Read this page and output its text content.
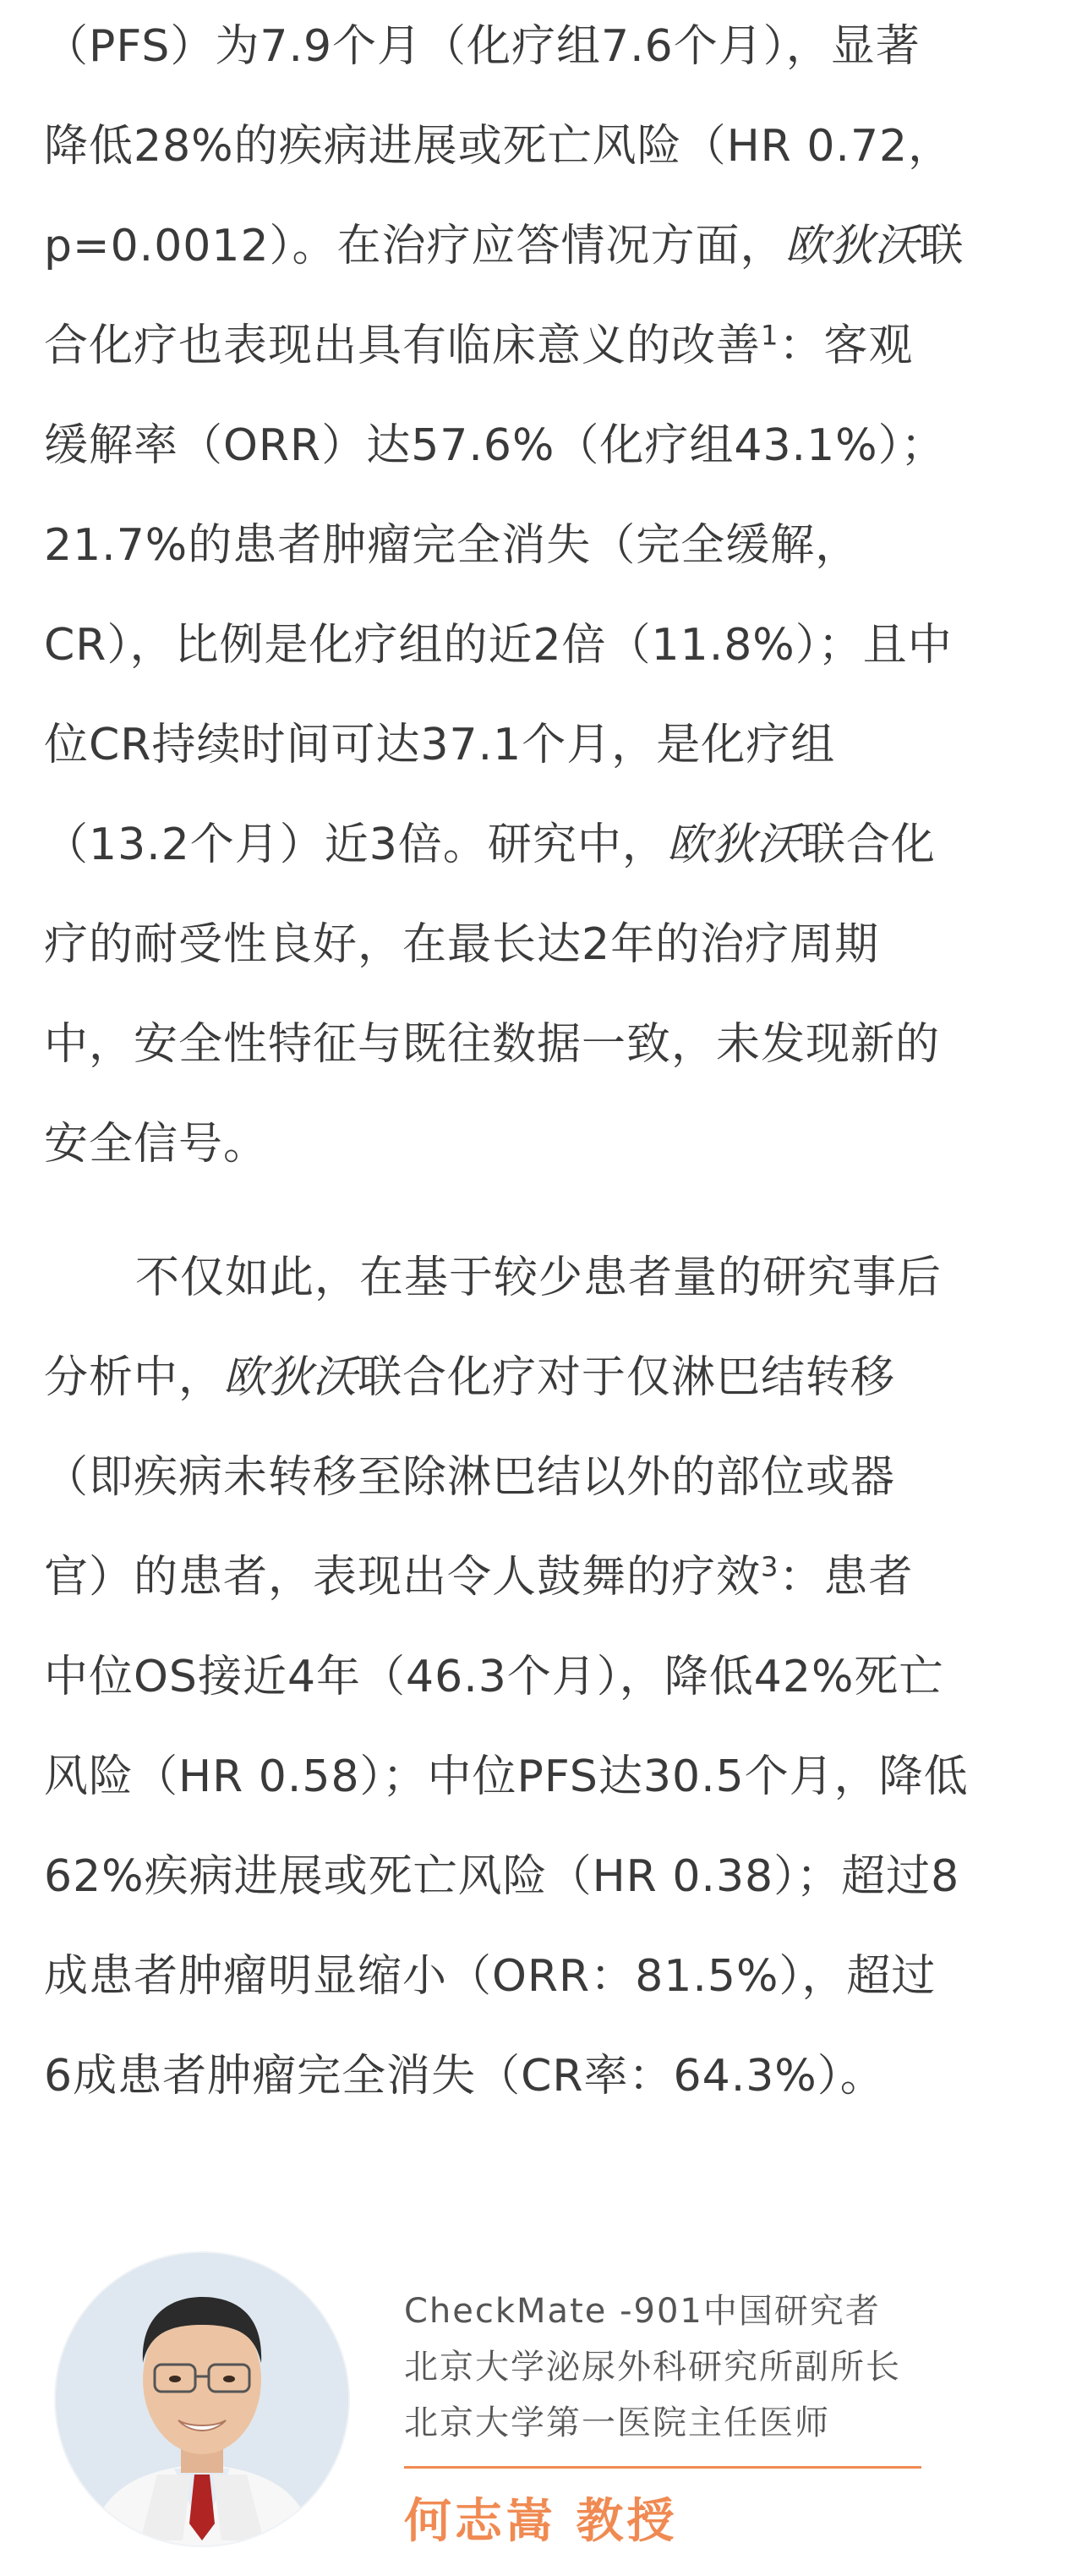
（PFS）为7.9个月（化疗组7.6个月），显著
降低28%的疾病进展或死亡风险（HR 0.72，
p=0.0012）。在治疗应答情况方面，欧狄沃联
合化疗也表现出具有临床意义的改善$^1$：客观
缓解率（ORR）达57.6%（化疗组43.1%）；
21.7%的患者肿瘤完全消失（完全缓解，
CR），比例是化疗组的近2倍（11.8%）；且中
位CR持续时间可达37.1个月，是化疗组
（13.2个月）近3倍。研究中，欧狄沃联合化
疗的耐受性良好，在最长达2年的治疗周期
中，安全性特征与既往数据一致，未发现新的
安全信号。

不仅如此，在基于较少患者量的研究事后
分析中，欧狄沃联合化疗对于仅淋巴结转移
（即疾病未转移至除淋巴结以外的部位或器
官）的患者，表现出令人鼓舞的疗效$^3$：患者
中位OS接近4年（46.3个月），降低42%死亡
风险（HR 0.58）；中位PFS达30.5个月，降低
62%疾病进展或死亡风险（HR 0.38）；超过8
成患者肿瘤明显缩小（ORR：81.5%），超过
6成患者肿瘤完全消失（CR率：64.3%）。

CheckMate -901中国研究者
北京大学泌尿外科研究所副所长
北京大学第一医院主任医师
何志嵩 教授
